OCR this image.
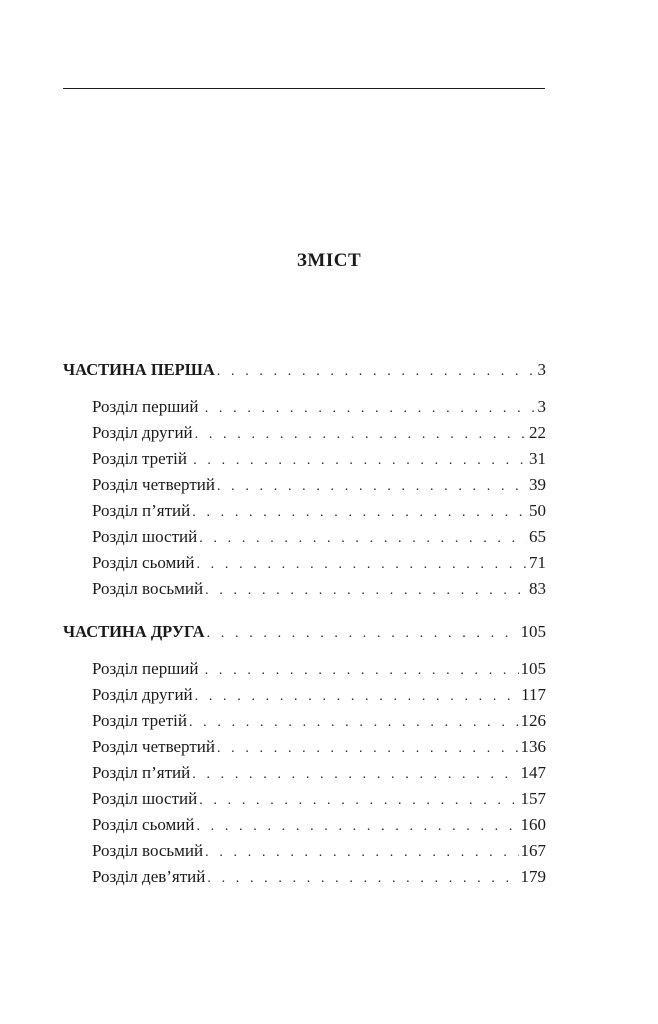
ЗМІСТ
ЧАСТИНА ПЕРША . . .	3
Розділ перший . . .	3
Розділ другий . . .	22
Розділ третій . . .	31
Розділ четвертий . . .	39
Розділ п’ятий . . .	50
Розділ шостий . . .	65
Розділ сьомий . . .	71
Розділ восьмий . . .	83
ЧАСТИНА ДРУГА . . .	105
Розділ перший . . .	105
Розділ другий . . .	117
Розділ третій . . .	126
Розділ четвертий . . .	136
Розділ п’ятий . . .	147
Розділ шостий . . .	157
Розділ сьомий . . .	160
Розділ восьмий . . .	167
Розділ дев’ятий . . .	179
